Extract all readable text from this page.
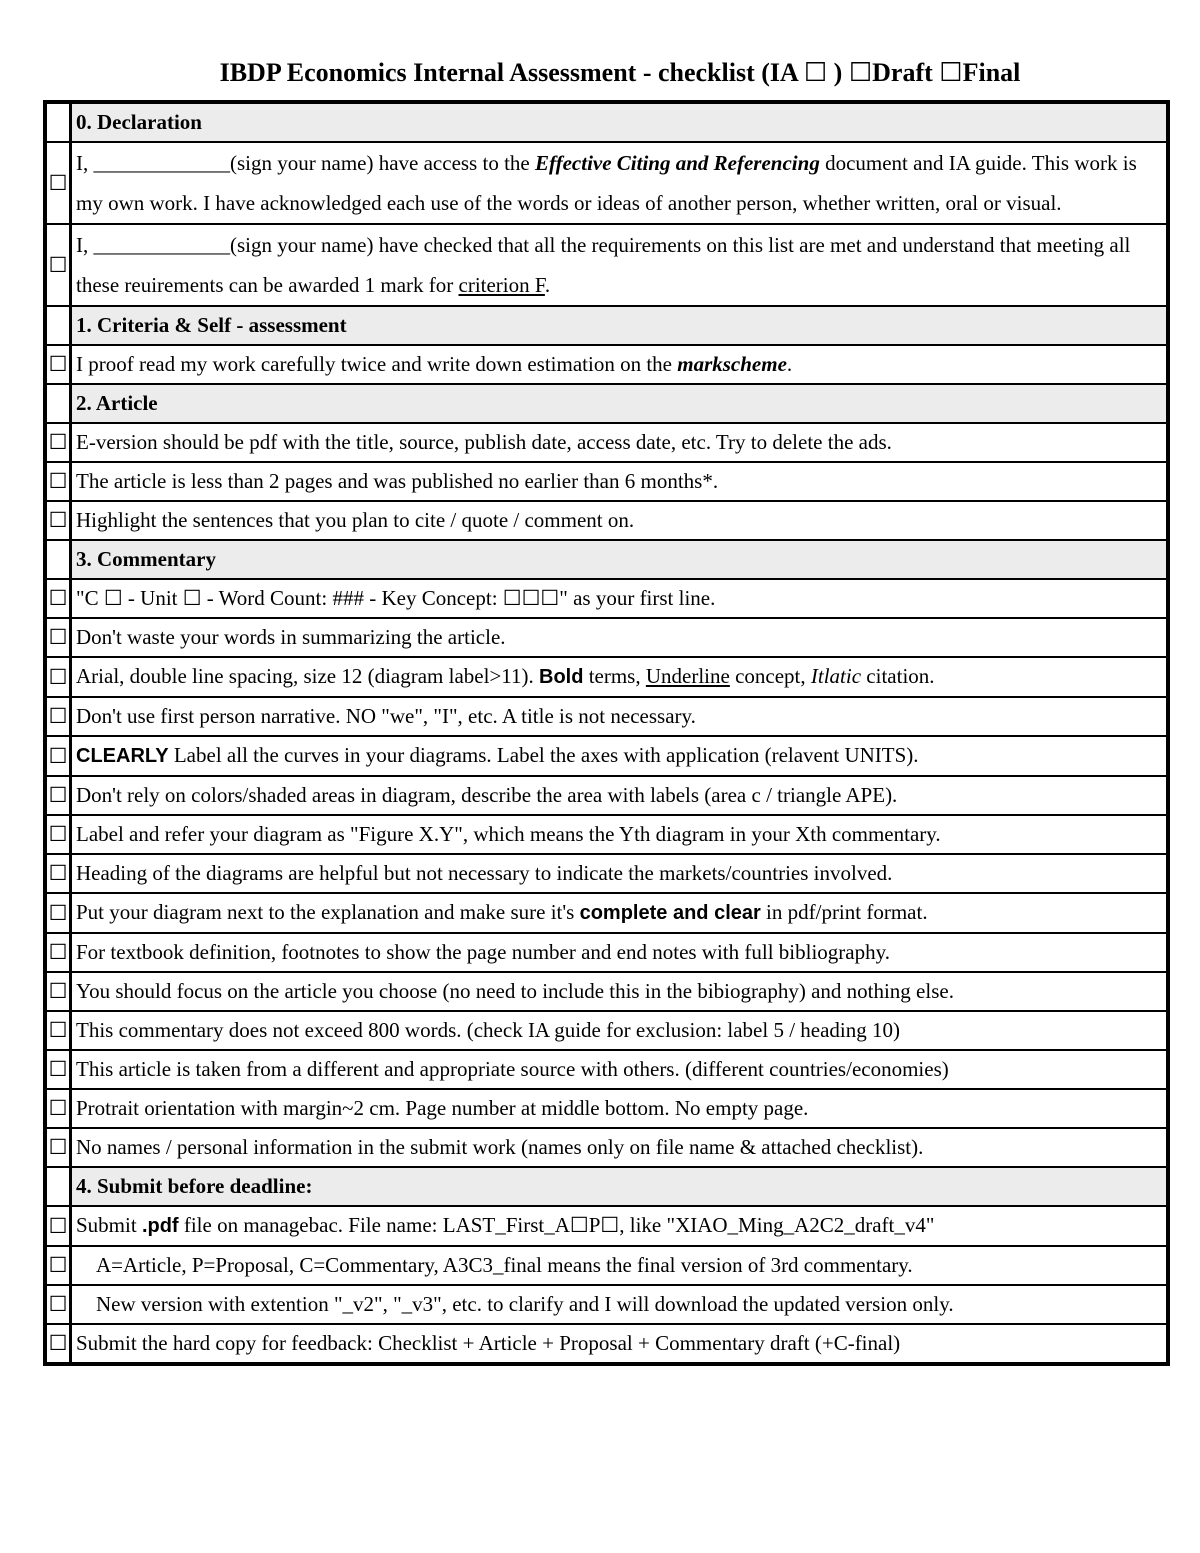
IBDP Economics Internal Assessment - checklist (IA ☐ ) ☐Draft ☐Final
	0. Declaration
☐	I, _____________(sign your name) have access to the Effective Citing and Referencing document and IA guide. This work is my own work. I have acknowledged each use of the words or ideas of another person, whether written, oral or visual.
☐	I, _____________(sign your name) have checked that all the requirements on this list are met and understand that meeting all these reuirements can be awarded 1 mark for criterion F.
	1. Criteria & Self - assessment
☐	I proof read my work carefully twice and write down estimation on the markscheme.
	2. Article
☐	E-version should be pdf with the title, source, publish date, access date, etc. Try to delete the ads.
☐	The article is less than 2 pages and was published no earlier than 6 months*.
☐	Highlight the sentences that you plan to cite / quote / comment on.
	3. Commentary
☐	"C ☐ - Unit ☐ - Word Count: ### - Key Concept: ☐☐☐" as your first line.
☐	Don't waste your words in summarizing the article.
☐	Arial, double line spacing, size 12 (diagram label>11). Bold terms, Underline concept, Itlatic citation.
☐	Don't use first person narrative. NO "we", "I", etc. A title is not necessary.
☐	CLEARLY Label all the curves in your diagrams. Label the axes with application (relavent UNITS).
☐	Don't rely on colors/shaded areas in diagram, describe the area with labels (area c / triangle APE).
☐	Label and refer your diagram as "Figure X.Y", which means the Yth diagram in your Xth commentary.
☐	Heading of the diagrams are helpful but not necessary to indicate the markets/countries involved.
☐	Put your diagram next to the explanation and make sure it's complete and clear in pdf/print format.
☐	For textbook definition, footnotes to show the page number and end notes with full bibliography.
☐	You should focus on the article you choose (no need to include this in the bibiography) and nothing else.
☐	This commentary does not exceed 800 words. (check IA guide for exclusion: label 5 / heading 10)
☐	This article is taken from a different and appropriate source with others. (different countries/economies)
☐	Protrait orientation with margin~2 cm. Page number at middle bottom. No empty page.
☐	No names / personal information in the submit work (names only on file name & attached checklist).
	4. Submit before deadline:
☐	Submit .pdf file on managebac. File name: LAST_First_A☐P☐, like "XIAO_Ming_A2C2_draft_v4"
☐	A=Article, P=Proposal, C=Commentary, A3C3_final means the final version of 3rd commentary.
☐	New version with extention "_v2", "_v3", etc. to clarify and I will download the updated version only.
☐	Submit the hard copy for feedback: Checklist + Article + Proposal + Commentary draft (+C-final)
